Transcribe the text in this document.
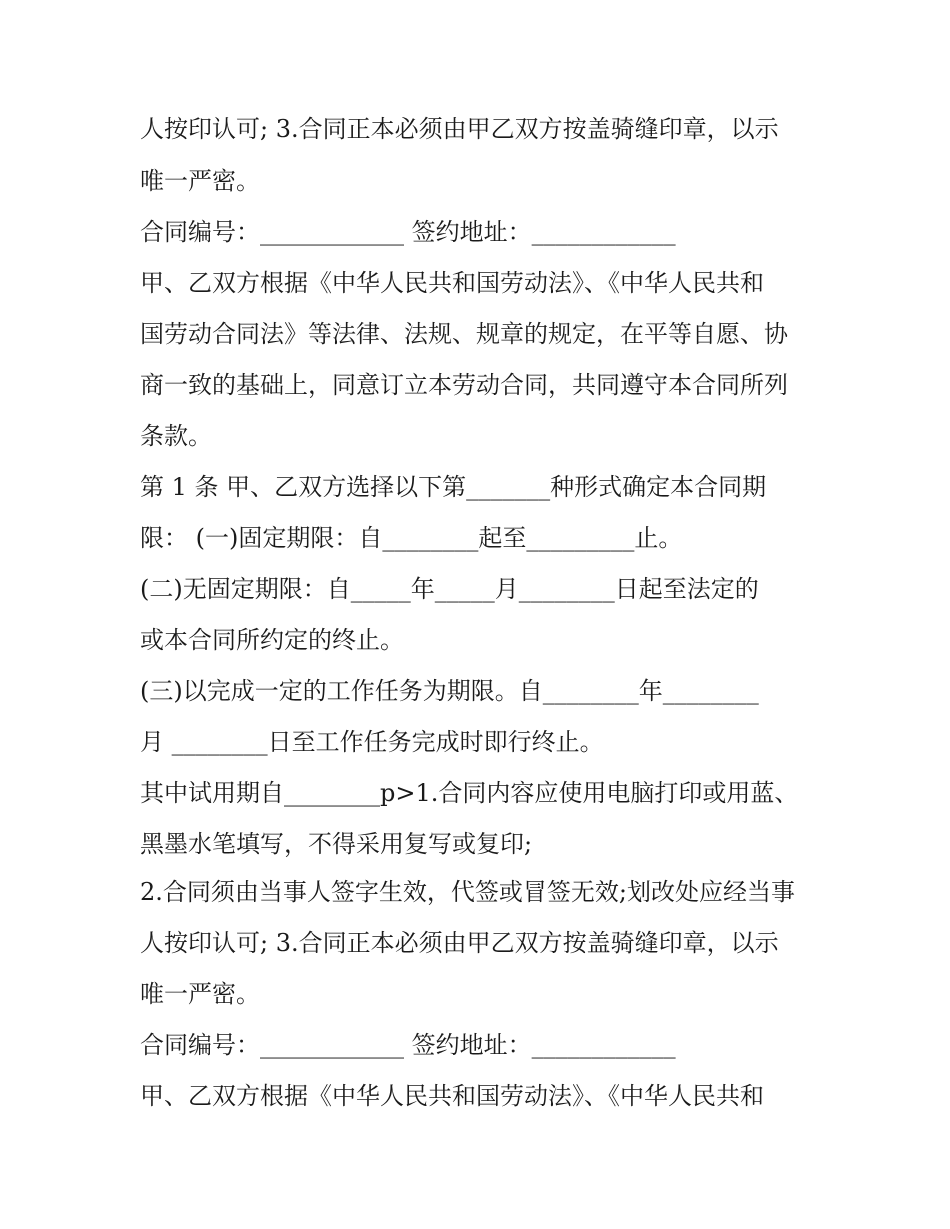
人按印认可; 3.合同正本必须由甲乙双方按盖骑缝印章，以示
唯一严密。
合同编号：____________ 签约地址：____________
甲、乙双方根据《中华人民共和国劳动法》、《中华人民共和
国劳动合同法》等法律、法规、规章的规定，在平等自愿、协
商一致的基础上，同意订立本劳动合同，共同遵守本合同所列
条款。
第 1 条 甲、乙双方选择以下第_______种形式确定本合同期
限： (一)固定期限：自________起至_________止。
(二)无固定期限：自_____年_____月________日起至法定的
或本合同所约定的终止。
(三)以完成一定的工作任务为期限。自________年________
月 ________日至工作任务完成时即行终止。
其中试用期自________p>1.合同内容应使用电脑打印或用蓝、
黑墨水笔填写，不得采用复写或复印;
2.合同须由当事人签字生效，代签或冒签无效;划改处应经当事
人按印认可; 3.合同正本必须由甲乙双方按盖骑缝印章，以示
唯一严密。
合同编号：____________ 签约地址：____________
甲、乙双方根据《中华人民共和国劳动法》、《中华人民共和
